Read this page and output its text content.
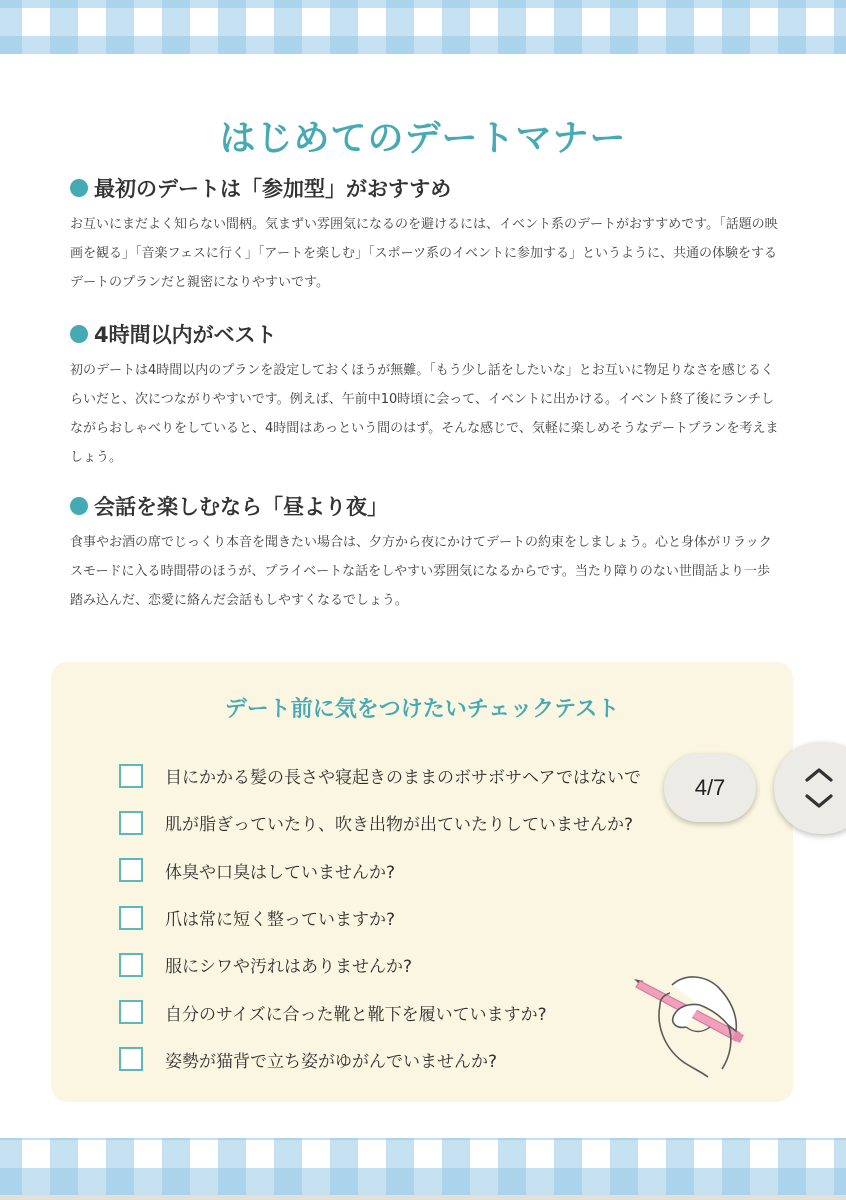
はじめてのデートマナー
最初のデートは「参加型」がおすすめ

お互いにまだよく知らない間柄。気まずい雰囲気になるのを避けるには、イベント系のデートがおすすめです。「話題の映画を観る」「音楽フェスに行く」「アートを楽しむ」「スポーツ系のイベントに参加する」というように、共通の体験をするデートのプランだと親密になりやすいです。

4時間以内がベスト

初のデートは4時間以内のプランを設定しておくほうが無難。「もう少し話をしたいな」とお互いに物足りなさを感じるくらいだと、次につながりやすいです。例えば、午前中10時頃に会って、イベントに出かける。イベント終了後にランチしながらおしゃべりをしていると、4時間はあっという間のはず。そんな感じで、気軽に楽しめそうなデートプランを考えましょう。

会話を楽しむなら「昼より夜」

食事やお酒の席でじっくり本音を聞きたい場合は、夕方から夜にかけてデートの約束をしましょう。心と身体がリラックスモードに入る時間帯のほうが、プライベートな話をしやすい雰囲気になるからです。当たり障りのない世間話より一歩踏み込んだ、恋愛に絡んだ会話もしやすくなるでしょう。

デート前に気をつけたいチェックテスト
目にかかる髪の長さや寝起きのままのボサボサヘアではないで
肌が脂ぎっていたり、吹き出物が出ていたりしていませんか?
体臭や口臭はしていませんか?
爪は常に短く整っていますか?
服にシワや汚れはありませんか?
自分のサイズに合った靴と靴下を履いていますか?
姿勢が猫背で立ち姿がゆがんでいませんか?
4/7
